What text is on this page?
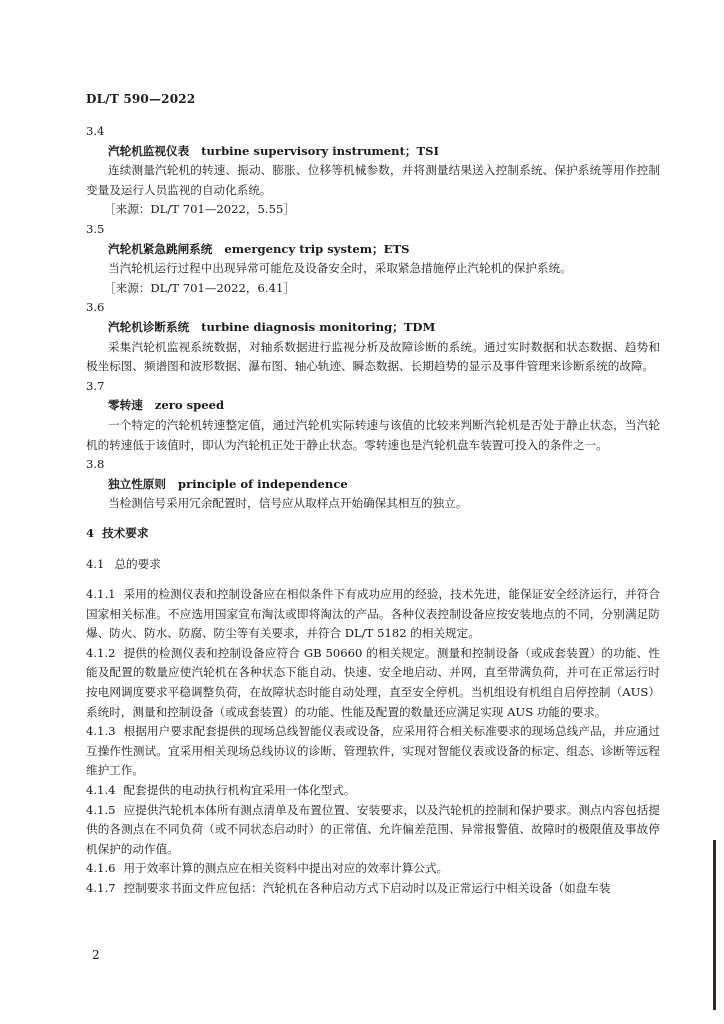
DL/T 590—2022
3.4
汽轮机监视仪表 turbine supervisory instrument；TSI
连续测量汽轮机的转速、振动、膨胀、位移等机械参数，并将测量结果送入控制系统、保护系统等用作控制变量及运行人员监视的自动化系统。
［来源：DL/T 701—2022，5.55］
3.5
汽轮机紧急跳闸系统 emergency trip system；ETS
当汽轮机运行过程中出现异常可能危及设备安全时，采取紧急措施停止汽轮机的保护系统。
［来源：DL/T 701—2022，6.41］
3.6
汽轮机诊断系统 turbine diagnosis monitoring；TDM
采集汽轮机监视系统数据，对轴系数据进行监视分析及故障诊断的系统。通过实时数据和状态数据、趋势和极坐标图、频谱图和波形数据、瀑布图、轴心轨迹、瞬态数据、长期趋势的显示及事件管理来诊断系统的故障。
3.7
零转速 zero speed
一个特定的汽轮机转速整定值，通过汽轮机实际转速与该值的比较来判断汽轮机是否处于静止状态，当汽轮机的转速低于该值时，即认为汽轮机正处于静止状态。零转速也是汽轮机盘车装置可投入的条件之一。
3.8
独立性原则 principle of independence
当检测信号采用冗余配置时，信号应从取样点开始确保其相互的独立。
4 技术要求
4.1 总的要求
4.1.1 采用的检测仪表和控制设备应在相似条件下有成功应用的经验，技术先进，能保证安全经济运行，并符合国家相关标准。不应选用国家宣布淘汰或即将淘汰的产品。各种仪表控制设备应按安装地点的不同，分别满足防爆、防火、防水、防腐、防尘等有关要求，并符合 DL/T 5182 的相关规定。
4.1.2 提供的检测仪表和控制设备应符合 GB 50660 的相关规定。测量和控制设备（或成套装置）的功能、性能及配置的数量应使汽轮机在各种状态下能自动、快速、安全地启动、并网，直至带满负荷，并可在正常运行时按电网调度要求平稳调整负荷，在故障状态时能自动处理，直至安全停机。当机组设有机组自启停控制（AUS）系统时，测量和控制设备（或成套装置）的功能、性能及配置的数量还应满足实现 AUS 功能的要求。
4.1.3 根据用户要求配套提供的现场总线智能仪表或设备，应采用符合相关标准要求的现场总线产品，并应通过互操作性测试。宜采用相关现场总线协议的诊断、管理软件，实现对智能仪表或设备的标定、组态、诊断等远程维护工作。
4.1.4 配套提供的电动执行机构宜采用一体化型式。
4.1.5 应提供汽轮机本体所有测点清单及布置位置、安装要求，以及汽轮机的控制和保护要求。测点内容包括提供的各测点在不同负荷（或不同状态启动时）的正常值、允许偏差范围、异常报警值、故障时的极限值及事故停机保护的动作值。
4.1.6 用于效率计算的测点应在相关资料中提出对应的效率计算公式。
4.1.7 控制要求书面文件应包括：汽轮机在各种启动方式下启动时以及正常运行中相关设备（如盘车装
2
